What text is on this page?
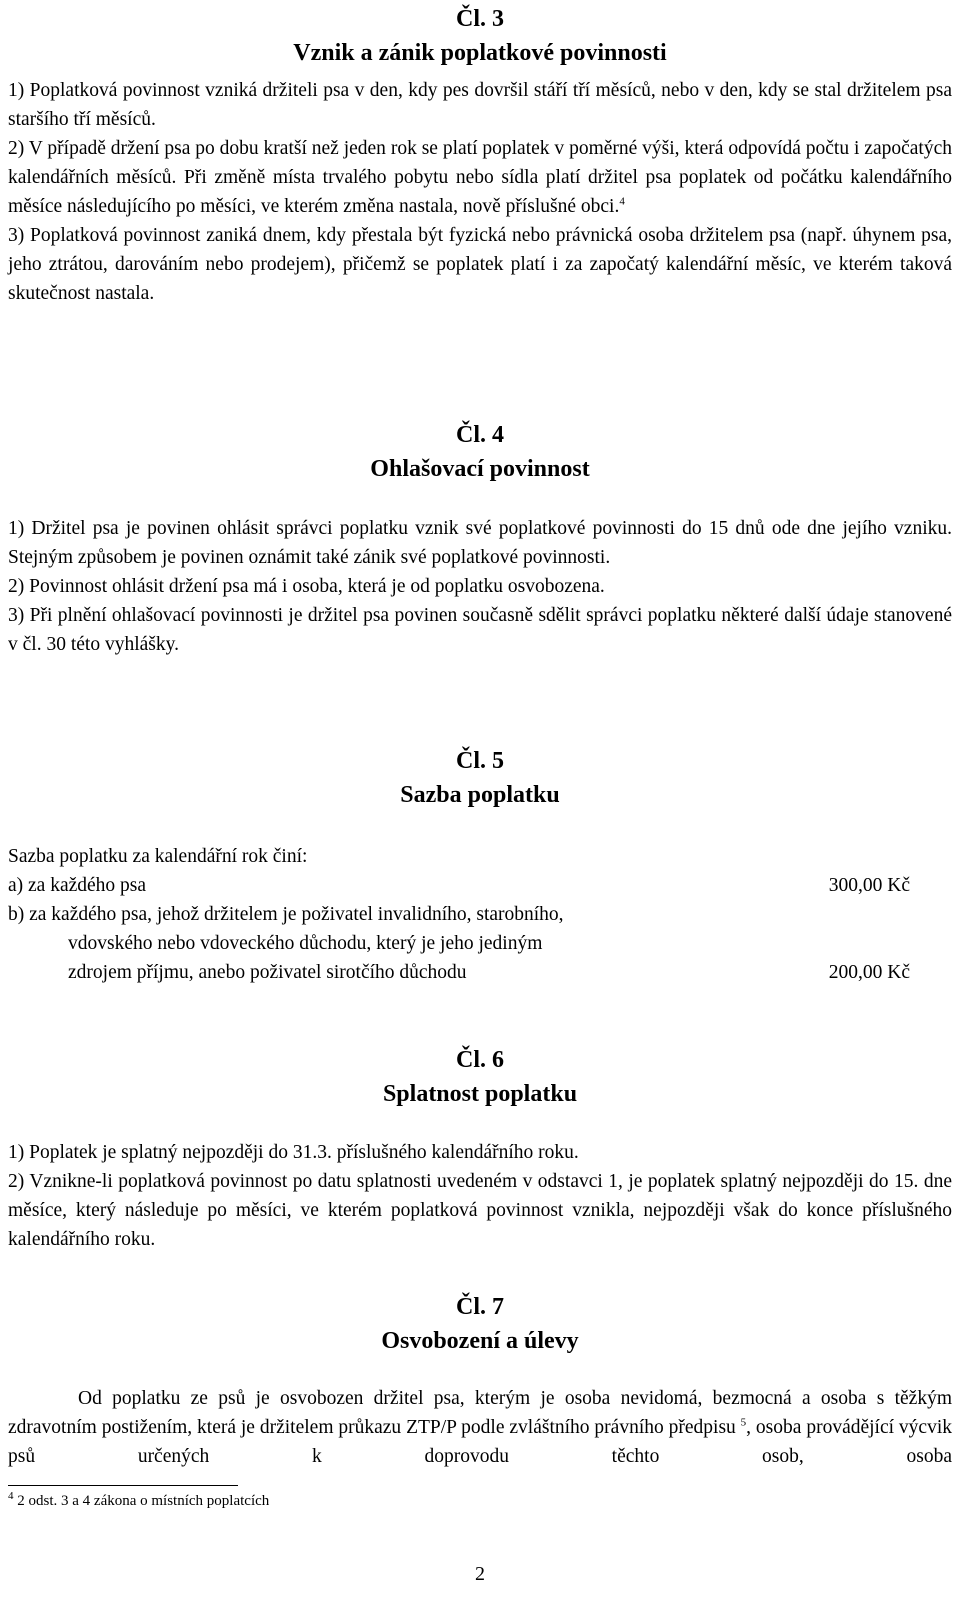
Čl. 3

Vznik a zánik poplatkové povinnosti

1) Poplatková povinnost vzniká držiteli psa v den, kdy pes dovršil stáří tří měsíců, nebo v den, kdy se stal držitelem psa staršího tří měsíců.

2) V případě držení psa po dobu kratší než jeden rok se platí poplatek v poměrné výši, která odpovídá počtu i započatých kalendářních měsíců. Při změně místa trvalého pobytu nebo sídla platí držitel psa poplatek od počátku kalendářního měsíce následujícího po měsíci, ve kterém změna nastala, nově příslušné obci.$^4$

3) Poplatková povinnost zaniká dnem, kdy přestala být fyzická nebo právnická osoba držitelem psa (např. úhynem psa, jeho ztrátou, darováním nebo prodejem), přičemž se poplatek platí i za započatý kalendářní měsíc, ve kterém taková skutečnost nastala.

Čl. 4

Ohlašovací povinnost

1) Držitel psa je povinen ohlásit správci poplatku vznik své poplatkové povinnosti do 15 dnů ode dne jejího vzniku. Stejným způsobem je povinen oznámit také zánik své poplatkové povinnosti.

2) Povinnost ohlásit držení psa má i osoba, která je od poplatku osvobozena.

3) Při plnění ohlašovací povinnosti je držitel psa povinen současně sdělit správci poplatku některé další údaje stanovené v čl. 30 této vyhlášky.

Čl. 5

Sazba poplatku

Sazba poplatku za kalendářní rok činí:
a) za každého psa	300,00 Kč
b) za každého psa, jehož držitelem je poživatel invalidního, starobního,
vdovského nebo vdoveckého důchodu, který je jeho jediným
zdrojem příjmu, anebo poživatel sirotčího důchodu	200,00 Kč

Čl. 6

Splatnost poplatku

1) Poplatek je splatný nejpozději do 31.3. příslušného kalendářního roku.

2) Vznikne-li poplatková povinnost po datu splatnosti uvedeném v odstavci 1, je poplatek splatný nejpozději do 15. dne měsíce, který následuje po měsíci, ve kterém poplatková povinnost vznikla, nejpozději však do konce příslušného kalendářního roku.

Čl. 7

Osvobození a úlevy

Od poplatku ze psů je osvobozen držitel psa, kterým je osoba nevidomá, bezmocná a osoba s těžkým zdravotním postižením, která je držitelem průkazu ZTP/P podle zvláštního právního předpisu $^5$, osoba provádějící výcvik psů určených k doprovodu těchto osob, osoba

$^4$ 2 odst. 3 a 4 zákona o místních poplatcích
2
